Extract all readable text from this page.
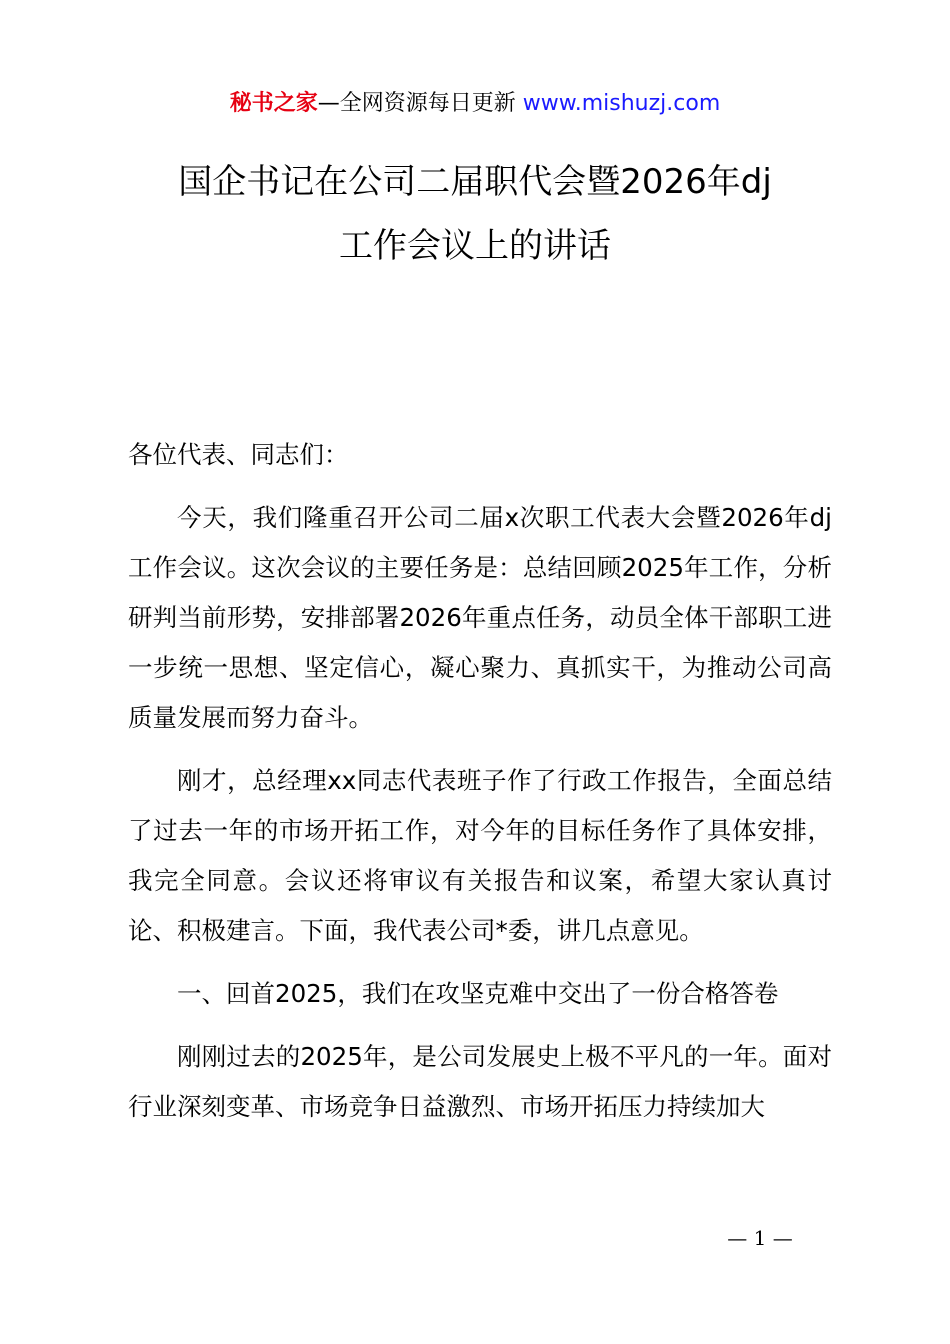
秘书之家—全网资源每日更新 www.mishuzj.com
国企书记在公司二届职代会暨2026年dj
工作会议上的讲话

各位代表、同志们：

今天，我们隆重召开公司二届x次职工代表大会暨2026年dj工作会议。这次会议的主要任务是：总结回顾2025年工作，分析研判当前形势，安排部署2026年重点任务，动员全体干部职工进一步统一思想、坚定信心，凝心聚力、真抓实干，为推动公司高质量发展而努力奋斗。

刚才，总经理xx同志代表班子作了行政工作报告，全面总结了过去一年的市场开拓工作，对今年的目标任务作了具体安排，我完全同意。会议还将审议有关报告和议案，希望大家认真讨论、积极建言。下面，我代表公司*委，讲几点意见。

一、回首2025，我们在攻坚克难中交出了一份合格答卷

刚刚过去的2025年，是公司发展史上极不平凡的一年。面对行业深刻变革、市场竞争日益激烈、市场开拓压力持续加大

— 1 —
